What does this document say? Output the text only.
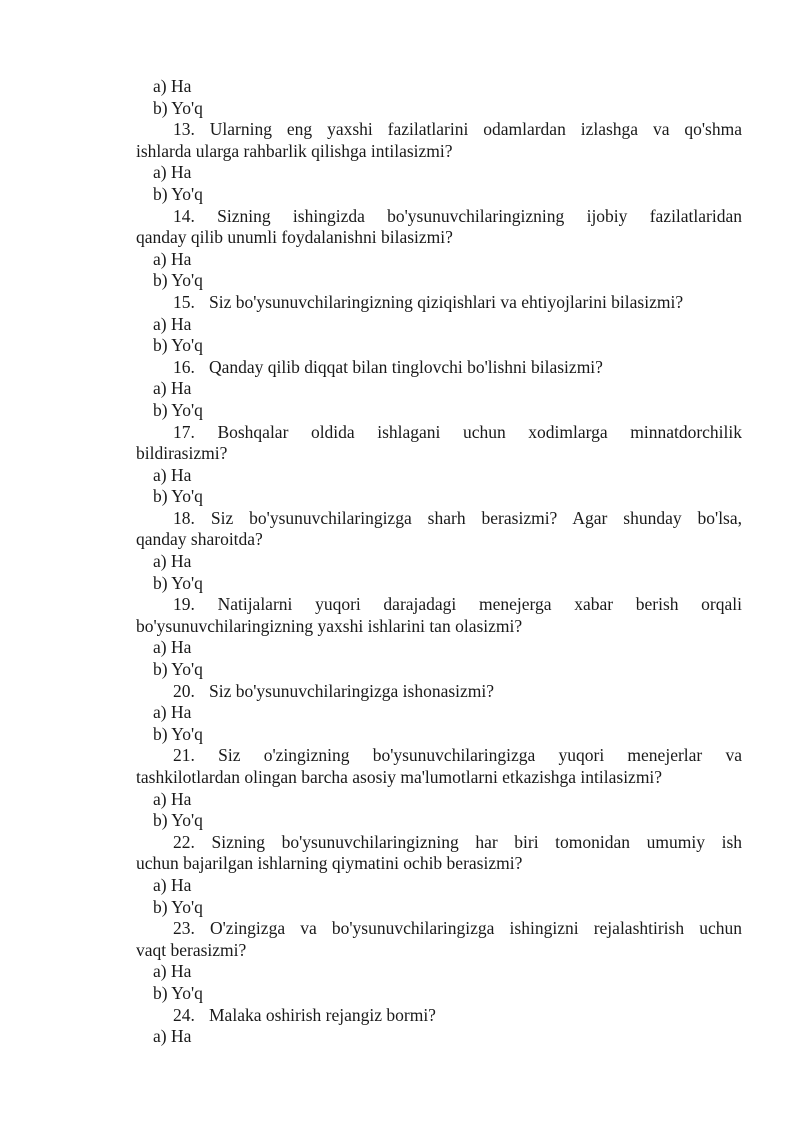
a) Ha
b) Yo'q
13. Ularning eng yaxshi fazilatlarini odamlardan izlashga va qo'shma
ishlarda ularga rahbarlik qilishga intilasizmi?
a) Ha
b) Yo'q
14. Sizning ishingizda bo'ysunuvchilaringizning ijobiy fazilatlaridan
qanday qilib unumli foydalanishni bilasizmi?
a) Ha
b) Yo'q
15. Siz bo'ysunuvchilaringizning qiziqishlari va ehtiyojlarini bilasizmi?
a) Ha
b) Yo'q
16. Qanday qilib diqqat bilan tinglovchi bo'lishni bilasizmi?
a) Ha
b) Yo'q
17. Boshqalar oldida ishlagani uchun xodimlarga minnatdorchilik
bildirasizmi?
a) Ha
b) Yo'q
18. Siz bo'ysunuvchilaringizga sharh berasizmi? Agar shunday bo'lsa,
qanday sharoitda?
a) Ha
b) Yo'q
19. Natijalarni yuqori darajadagi menejerga xabar berish orqali
bo'ysunuvchilaringizning yaxshi ishlarini tan olasizmi?
a) Ha
b) Yo'q
20. Siz bo'ysunuvchilaringizga ishonasizmi?
a) Ha
b) Yo'q
21. Siz o'zingizning bo'ysunuvchilaringizga yuqori menejerlar va
tashkilotlardan olingan barcha asosiy ma'lumotlarni etkazishga intilasizmi?
a) Ha
b) Yo'q
22. Sizning bo'ysunuvchilaringizning har biri tomonidan umumiy ish
uchun bajarilgan ishlarning qiymatini ochib berasizmi?
a) Ha
b) Yo'q
23. O'zingizga va bo'ysunuvchilaringizga ishingizni rejalashtirish uchun
vaqt berasizmi?
a) Ha
b) Yo'q
24. Malaka oshirish rejangiz bormi?
a) Ha
